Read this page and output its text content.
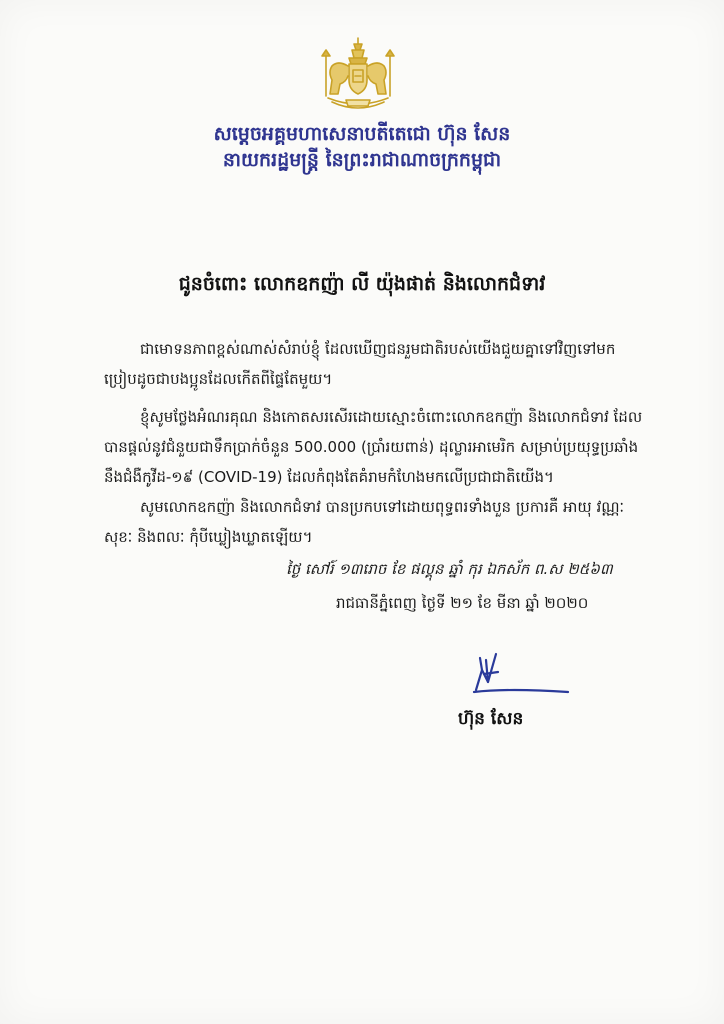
សម្ដេចអគ្គមហាសេនាបតីតេជោ ហ៊ុន សែន
នាយករដ្ឋមន្ត្រី នៃព្រះរាជាណាចក្រកម្ពុជា
ជូនចំពោះ លោកឧកញ៉ា លី យ៉ុងផាត់ និងលោកជំទាវ

ជាមោទនភាពខ្ពស់ណាស់សំរាប់ខ្ញុំ ដែលឃើញជនរួមជាតិរបស់យើងជួយគ្នាទៅវិញទៅមក

ប្រៀបដូចជាបងប្អូនដែលកើតពីផ្ទៃតែមួយ។

ខ្ញុំសូមថ្លែងអំណរគុណ និងកោតសរសើរដោយស្មោះចំពោះលោកឧកញ៉ា និងលោកជំទាវ ដែល

បានផ្តល់នូវជំនួយជាទឹកប្រាក់ចំនួន 500.000 (ប្រាំរយពាន់) ដុល្លារអាមេរិក សម្រាប់ប្រយុទ្ធប្រឆាំង

នឹងជំងឺកូវីដ-១៩ (COVID-19) ដែលកំពុងតែគំរាមកំហែងមកលើប្រជាជាតិយើង។

សូមលោកឧកញ៉ា និងលោកជំទាវ បានប្រកបទៅដោយពុទ្ធពរទាំងបួន ប្រការគឺ អាយុ វណ្ណៈ

សុខៈ និងពលៈ កុំបីឃ្លៀងឃ្លាតឡើយ។

ថ្ងៃ សៅរ៍ ១៣រោច ខែ ផល្គុន ឆ្នាំ កុរ ឯកស័ក ព.ស ២៥៦៣
រាជធានីភ្នំពេញ ថ្ងៃទី ២១ ខែ មីនា ឆ្នាំ ២០២០
ហ៊ុន សែន
